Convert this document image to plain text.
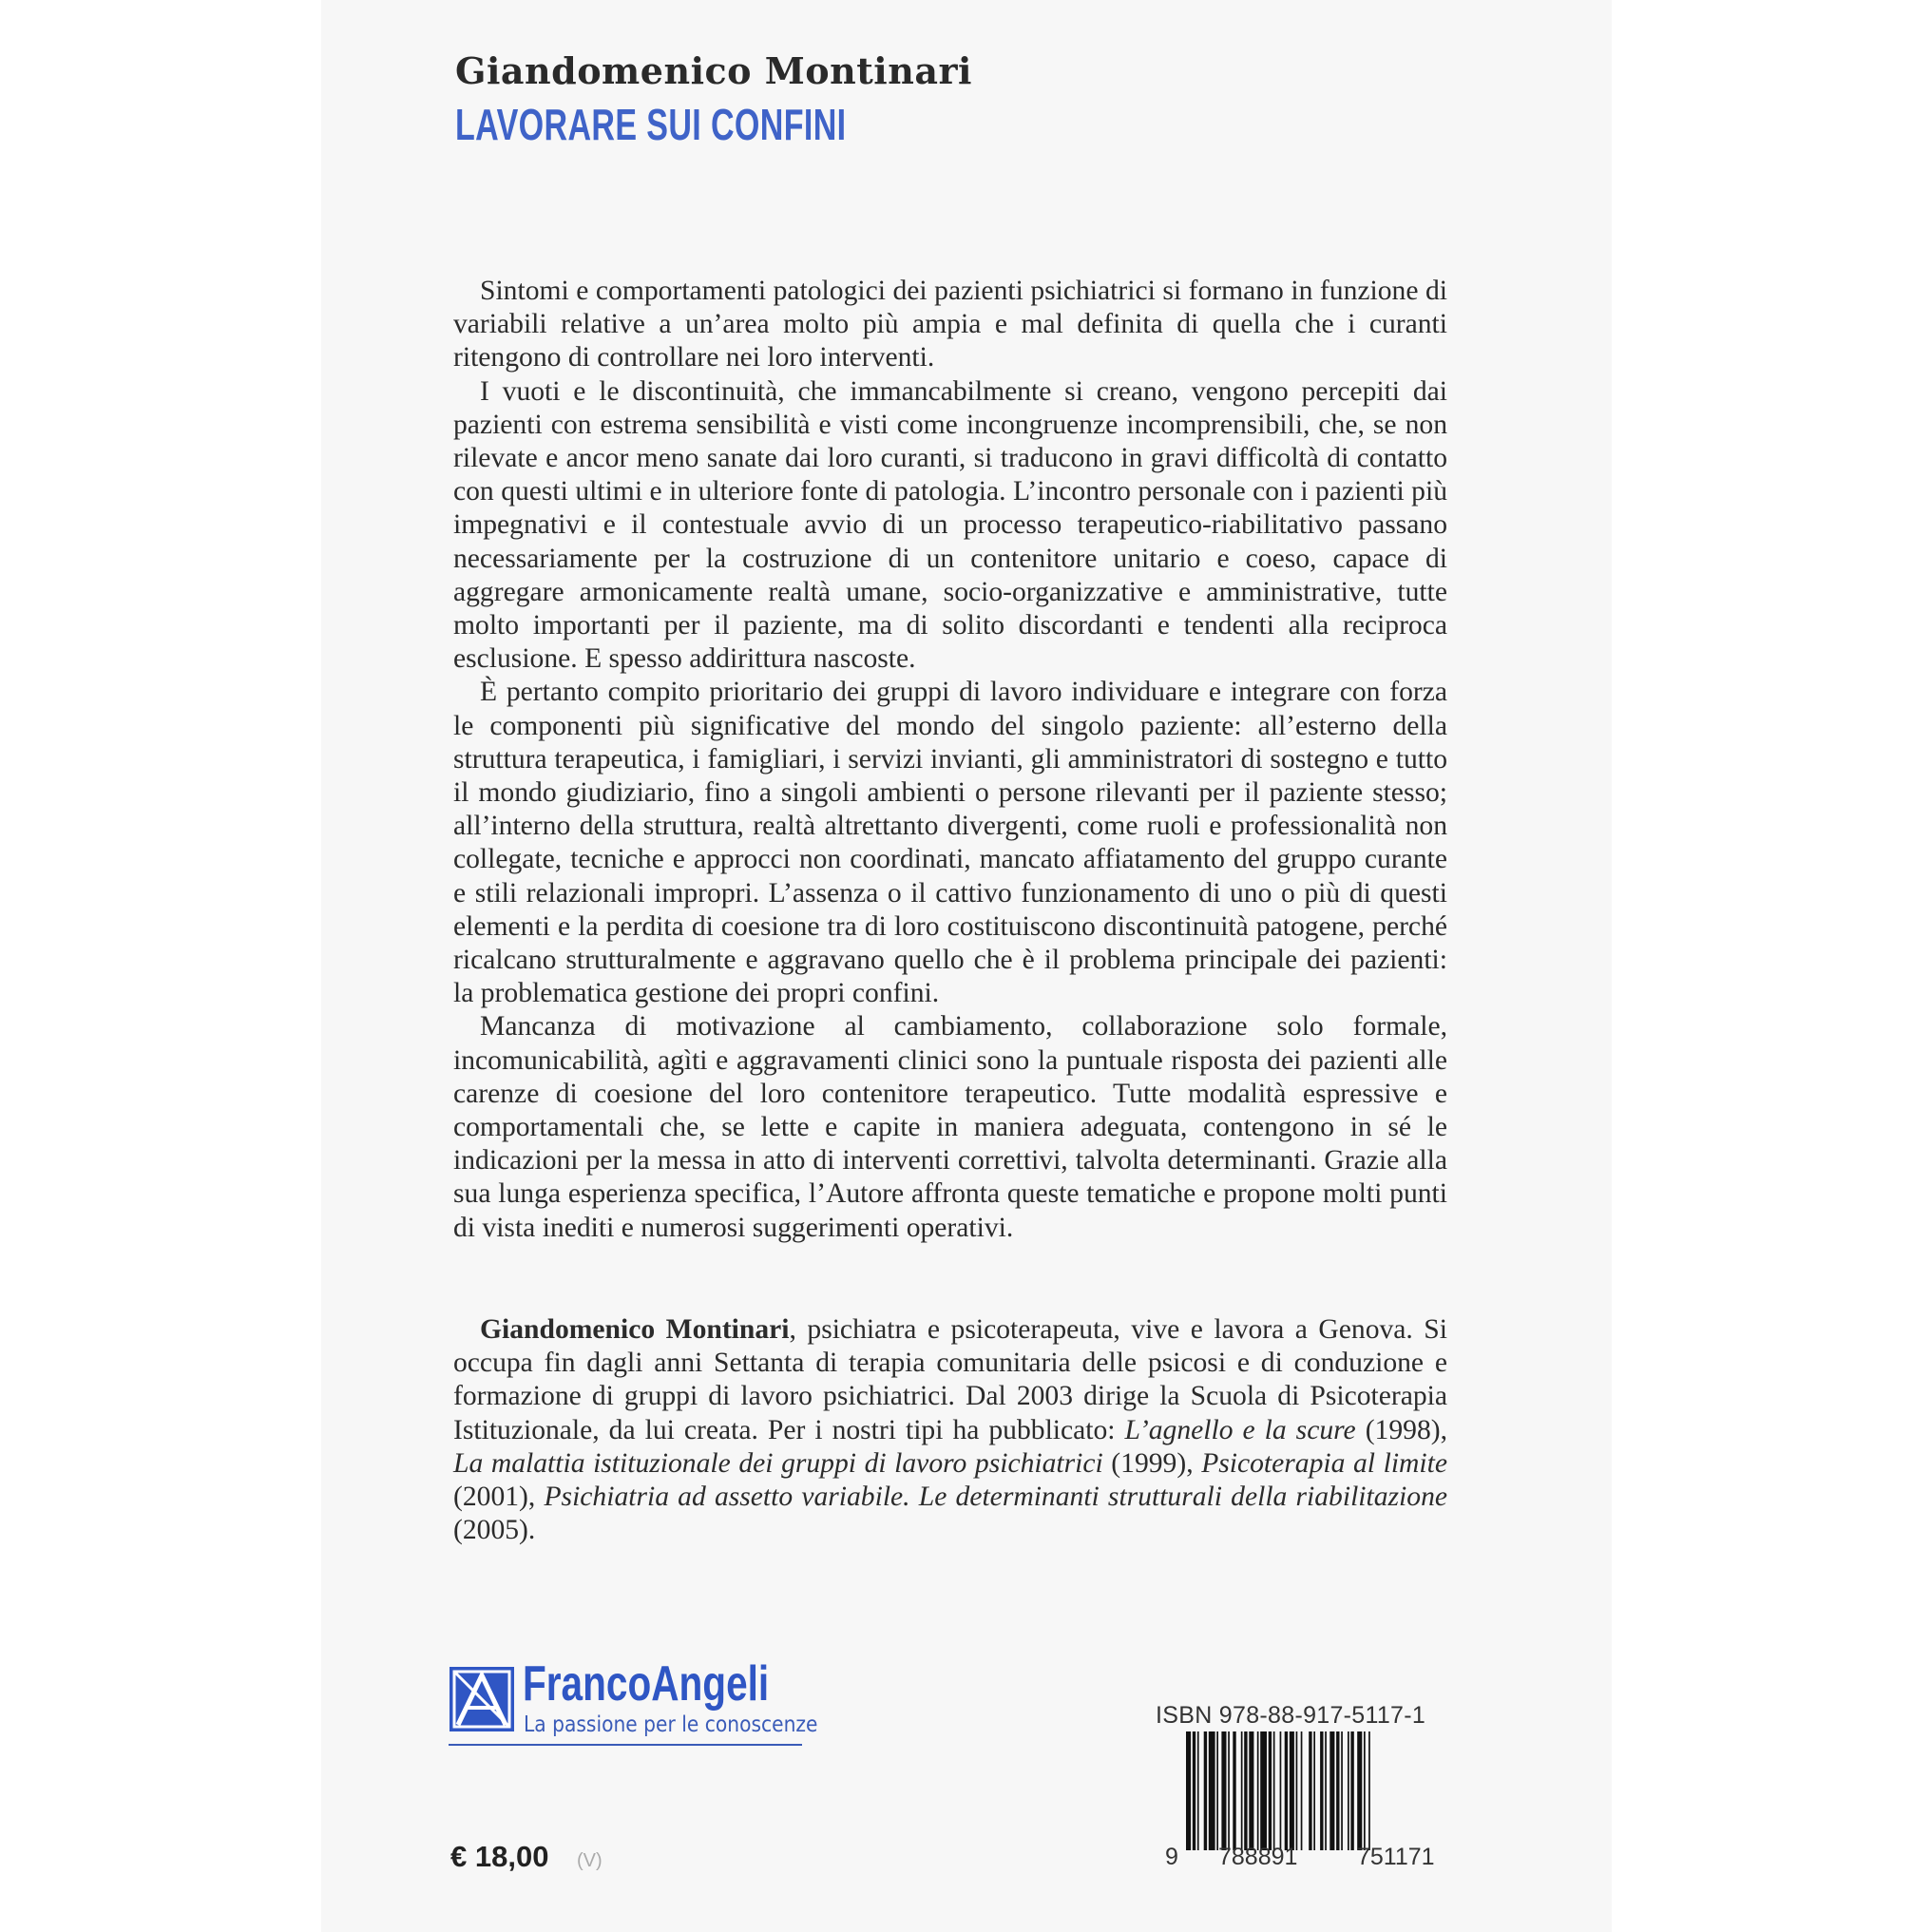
Giandomenico Montinari
LAVORARE SUI CONFINI

Sintomi e comportamenti patologici dei pazienti psichiatrici si formano in funzione di variabili relative a un’area molto più ampia e mal definita di quella che i curanti ritengono di controllare nei loro interventi.

I vuoti e le discontinuità, che immancabilmente si creano, vengono percepiti dai pazienti con estrema sensibilità e visti come incongruenze incomprensibili, che, se non rilevate e ancor meno sanate dai loro curanti, si traducono in gravi difficoltà di contatto con questi ultimi e in ulteriore fonte di patologia. L’incontro personale con i pazienti più impegnativi e il contestuale avvio di un processo terapeutico-riabilitativo passano necessariamente per la costruzione di un contenitore unitario e coeso, capace di aggregare armonicamente realtà umane, socio-organizzative e amministrative, tutte molto importanti per il paziente, ma di solito discordanti e tendenti alla reciproca esclusione. E spesso addirittura nascoste.

È pertanto compito prioritario dei gruppi di lavoro individuare e integrare con forza le componenti più significative del mondo del singolo paziente: all’esterno della struttura terapeutica, i famigliari, i servizi invianti, gli amministratori di sostegno e tutto il mondo giudiziario, fino a singoli ambienti o persone rilevanti per il paziente stesso; all’interno della struttura, realtà altrettanto divergenti, come ruoli e professionalità non collegate, tecniche e approcci non coordinati, mancato affiatamento del gruppo curante e stili relazionali impropri. L’assenza o il cattivo funzionamento di uno o più di questi elementi e la perdita di coesione tra di loro costituiscono discontinuità patogene, perché ricalcano strutturalmente e aggravano quello che è il problema principale dei pazienti: la problematica gestione dei propri confini.

Mancanza di motivazione al cambiamento, collaborazione solo formale, incomunicabilità, agìti e aggravamenti clinici sono la puntuale risposta dei pazienti alle carenze di coesione del loro contenitore terapeutico. Tutte modalità espressive e comportamentali che, se lette e capite in maniera adeguata, contengono in sé le indicazioni per la messa in atto di interventi correttivi, talvolta determinanti. Grazie alla sua lunga esperienza specifica, l’Autore affronta queste tematiche e propone molti punti di vista inediti e numerosi suggerimenti operativi.

Giandomenico Montinari, psichiatra e psicoterapeuta, vive e lavora a Genova. Si occupa fin dagli anni Settanta di terapia comunitaria delle psicosi e di conduzione e formazione di gruppi di lavoro psichiatrici. Dal 2003 dirige la Scuola di Psicoterapia Istituzionale, da lui creata. Per i nostri tipi ha pubblicato: L’agnello e la scure (1998), La malattia istituzionale dei gruppi di lavoro psichiatrici (1999), Psicoterapia al limite (2001), Psichiatria ad assetto variabile. Le determinanti strutturali della riabilitazione (2005).
FrancoAngeli
La passione per le conoscenze	ISBN 978-88-917-5117-1
9 788891	751171
€ 18,00 (V)
